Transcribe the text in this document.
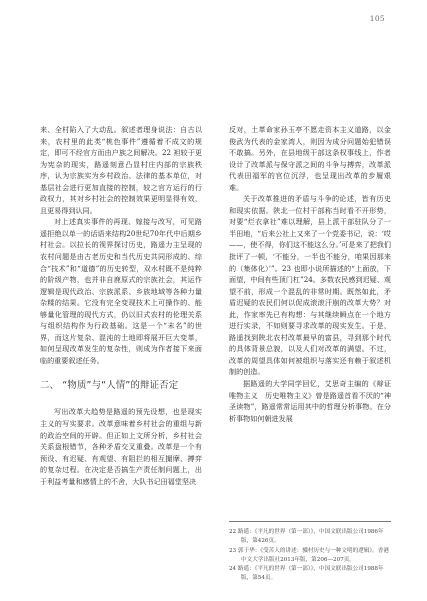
105

来、全村陷入了大动乱。叙述者理身说法：自古以来，农村里的此类“桃色事件”遵循着不成文的规定，即可不经官方而由户族之间解决。22 袒较于更为宪杂的现实，路遥刻意凸显村庄内部的宗族秩序，认为宗族实为乡村政治、法律的基本单位，对基层社会进行更加直接的控制，较之官方运行的行政权力，其对乡村社会的控制效果更明显得有效，且更易得到认同。

对上述真实事件的再现、嫁接与改写，可见路遥拒绝以单一的话语来结构20世纪70年代中后期乡村社会。以拉长的视界探讨历史，路遥力主呈现的农村问题是由古老历史和当代历史共同形成的、综合“技术”和“道德”的历史转型，双水村既不是纯粹的阶级产物，也并非自鹿原式的宗族社会，其运作逻辑是现代政治、宗族派系、乡族地域等各种力量杂糅的结果。它没有完全变现技术上可操作的、能够量化管理的现代方式，仍以旧式农村的伦理关系与组织结构作为行政基础。这是一个“未名”的世界，而这片复杂、混沌的土地即将展开巨大变革，如何呈现改革发生的复杂性，则成为作者接下来面临的重要叙述任务。

二、 “物质”与“人情”的辩证否定

写出改革大趋势是路遥的预先设想，也是现实主义的写实要求。改革意味着乡村社会的重组与新的政治空间的开辟。但正如上文所分析，乡村社会关系盘根错节，各种矛盾交叉重叠。改革是一个有预设、有迟疑、有观望、有阻拦的相互撮摩、搏弈的复杂过程。在决定是否搞生产责任制问题上，出于利益考量和感情上的不舍，大队书记田福堂坚决

反对，土革命家孙玉亭不愿走资本主义道路，以金俊武为代表的金家湾人，则因为成分问题始犯错误不敢搞。另外，在县地级干部这条权事线上，作者设计了改革派与保守派之间的斗争与搏弈，改革派代表田福军的官位沉浮，也呈现出改革的步履艰难。

关于改革推进的矛盾与斗争的论述，皆有历史和现实依据。陕北一位村干部称当时看不开形势，对要“烂衣拿社”难以理解，县上派干部驻队分了一半田地，“后来公社上又来了一个党委书记，说：‘哎——，使不得，你们这不能这么分。’可是来了把我们批评了一顿，‘不能分，一半也不能分，咱果因那来的（集体化）’”。23 也即小说所描述的“上面放，下面望，中间有些顶门杠”24。多数农民感到迟疑、观望不前，形成一个混乱的非常时期。既然如此，矛盾迟疑的农民们何以促成滚滚汗崩的改革大势？对此，作家率先已有构想：与其继续瞬点在一个地方进行实录，不如则要寻求改革的现实发生。于是，路遥找到陕北农村改革最早的富县，寻到那个时代的具体背景总貌，以及人们对改革的满望。不过，改革的周望具体如何被组织与落实还有赖于叙述机制的创造。

据路遥的大学同学回忆，艾思奇主编的《辩证唯物主义　历史唯物主义》曾是路遥首看不厌的“神圣读物”，路遥常常运用其中的哲理分析事物。在分析事物如何朝进发展

22 路遥：《平凡的世界（第一部）》，中国文联出版公司1986年版，第426页。
23 郭于华：《受苦人的讲述：骥村历史与一种文明的逻辑》，香港中文大学出版社2013年版，第206—207页。
24 路遥：《平凡的世界（第一部）》，中国文联出版公司1988年版，第54页。
